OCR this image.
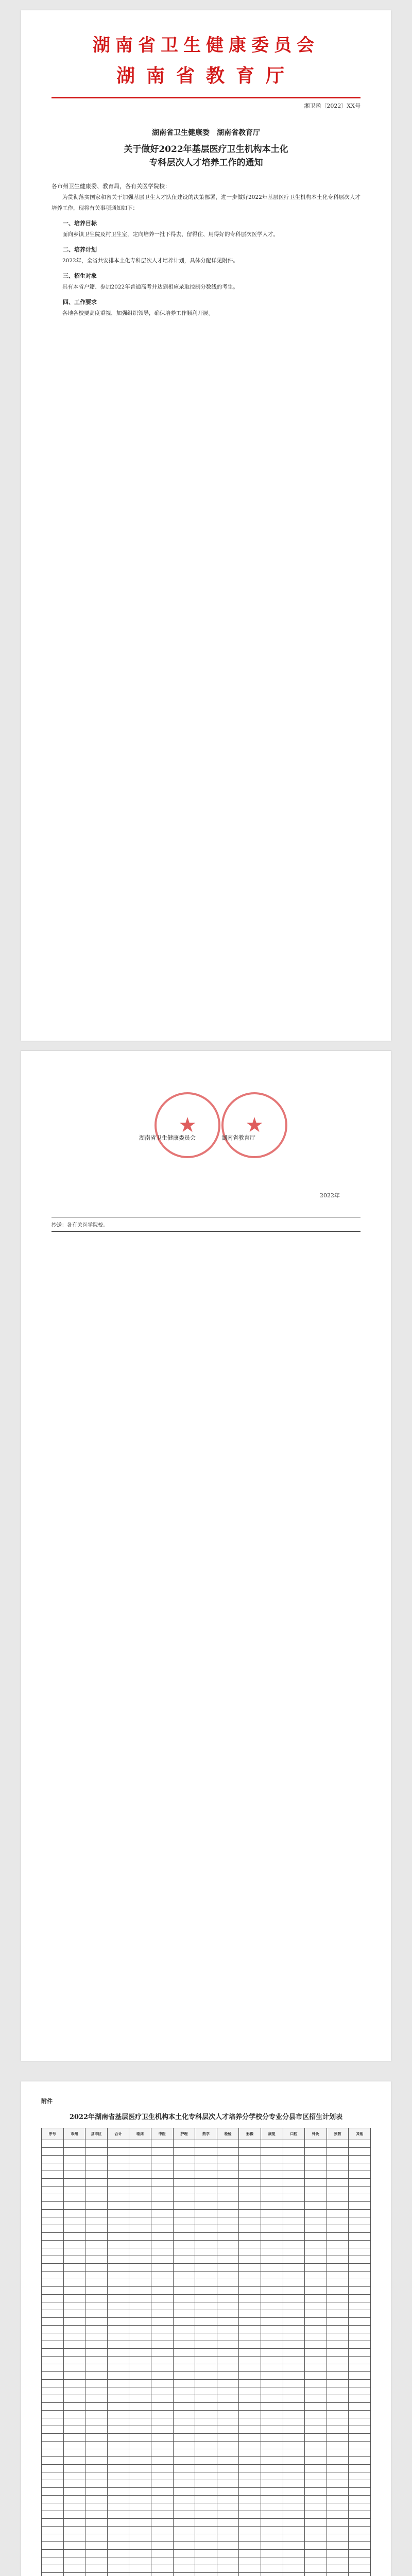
湖南省卫生健康委员会
湖南省教育厅
湘卫函〔2022〕XX号
湖南省卫生健康委　湖南省教育厅
关于做好2022年基层医疗卫生机构本土化
专科层次人才培养工作的通知
各市州卫生健康委、教育局，各有关医学院校：
为贯彻落实国家和省关于加强基层卫生人才队伍建设的决策部署，进一步做好2022年基层医疗卫生机构本土化专科层次人才培养工作，现将有关事项通知如下：
一、培养目标
面向乡镇卫生院及村卫生室，定向培养一批下得去、留得住、用得好的专科层次医学人才。
二、培养计划
2022年，全省共安排本土化专科层次人才培养计划，具体分配详见附件。
三、招生对象
具有本省户籍、参加2022年普通高考并达到相应录取控制分数线的考生。
四、工作要求
各地各校要高度重视，加强组织领导，确保培养工作顺利开展。
★ ★
湖南省卫生健康委员会	湖南省教育厅
2022年
抄送：各有关医学院校。
附件
2022年湖南省基层医疗卫生机构本土化专科层次人才培养分学校分专业分县市区招生计划表
序号	市州	县市区	合计	临床	中医	护理	药学	检验	影像	康复	口腔	针灸	预防	其他
